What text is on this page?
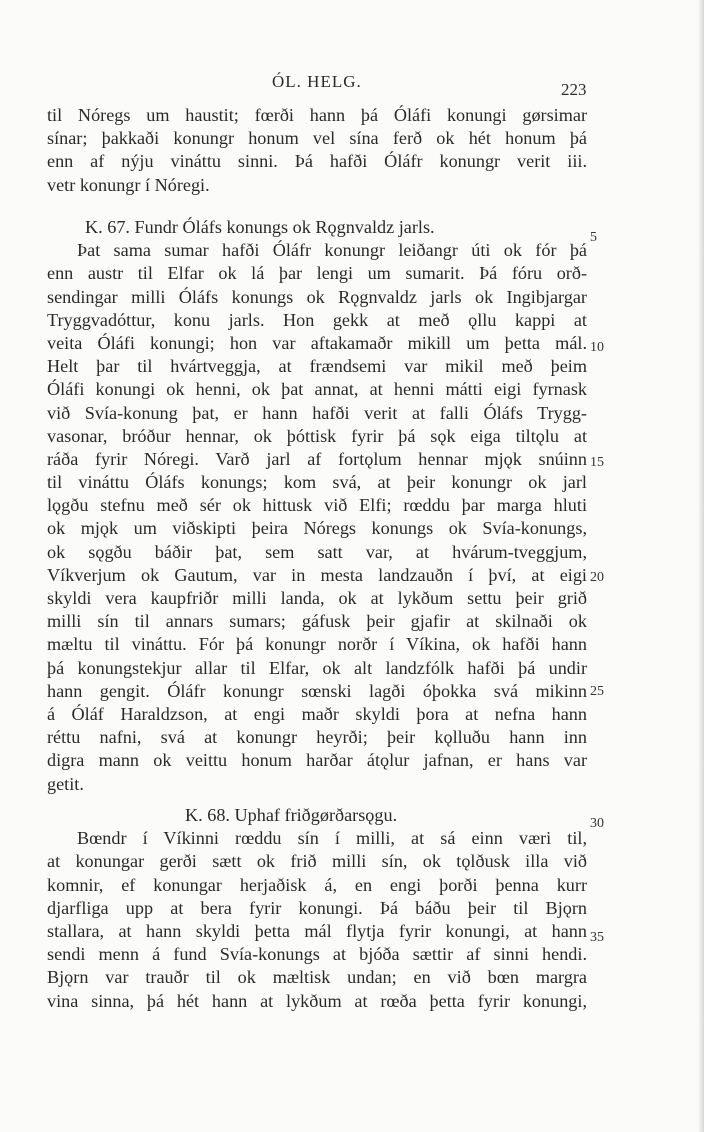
ÓL. HELG.	223
til Nóregs um haustit; fœrði hann þá Óláfi konungi gørsimar
sínar; þakkaði konungr honum vel sína ferð ok hét honum þá
enn af nýju vináttu sinni. Þá hafði Óláfr konungr verit iii.
vetr konungr í Nóregi.
K. 67. Fundr Óláfs konungs ok Rǫgnvaldz jarls.
Þat sama sumar hafði Óláfr konungr leiðangr úti ok fór þá
enn austr til Elfar ok lá þar lengi um sumarit. Þá fóru orð-
sendingar milli Óláfs konungs ok Rǫgnvaldz jarls ok Ingibjargar
Tryggvadóttur, konu jarls. Hon gekk at með ǫllu kappi at
veita Óláfi konungi; hon var aftakamaðr mikill um þetta mál.
Helt þar til hvártveggja, at frændsemi var mikil með þeim
Óláfi konungi ok henni, ok þat annat, at henni mátti eigi fyrnask
við Svía-konung þat, er hann hafði verit at falli Óláfs Trygg-
vasonar, bróður hennar, ok þóttisk fyrir þá sǫk eiga tiltǫlu at
ráða fyrir Nóregi. Varð jarl af fortǫlum hennar mjǫk snúinn
til vináttu Óláfs konungs; kom svá, at þeir konungr ok jarl
lǫgðu stefnu með sér ok hittusk við Elfi; rœddu þar marga hluti
ok mjǫk um viðskipti þeira Nóregs konungs ok Svía-konungs,
ok sǫgðu báðir þat, sem satt var, at hvárum-tveggjum,
Víkverjum ok Gautum, var in mesta landzauðn í því, at eigi
skyldi vera kaupfriðr milli landa, ok at lykðum settu þeir grið
milli sín til annars sumars; gáfusk þeir gjafir at skilnaði ok
mæltu til vináttu. Fór þá konungr norðr í Víkina, ok hafði hann
þá konungstekjur allar til Elfar, ok alt landzfólk hafði þá undir
hann gengit. Óláfr konungr sœnski lagði óþokka svá mikinn
á Óláf Haraldzson, at engi maðr skyldi þora at nefna hann
réttu nafni, svá at konungr heyrði; þeir kǫlluðu hann inn
digra mann ok veittu honum harðar átǫlur jafnan, er hans var
getit.
K. 68. Uphaf friðgørðarsǫgu.
Bœndr í Víkinni rœddu sín í milli, at sá einn væri til,
at konungar gerði sætt ok frið milli sín, ok tǫlðusk illa við
komnir, ef konungar herjaðisk á, en engi þorði þenna kurr
djarfliga upp at bera fyrir konungi. Þá báðu þeir til Bjǫrn
stallara, at hann skyldi þetta mál flytja fyrir konungi, at hann
sendi menn á fund Svía-konungs at bjóða sættir af sinni hendi.
Bjǫrn var trauðr til ok mæltisk undan; en við bœn margra
vina sinna, þá hét hann at lykðum at rœða þetta fyrir konungi,
5
10
15
20
25
30
35
